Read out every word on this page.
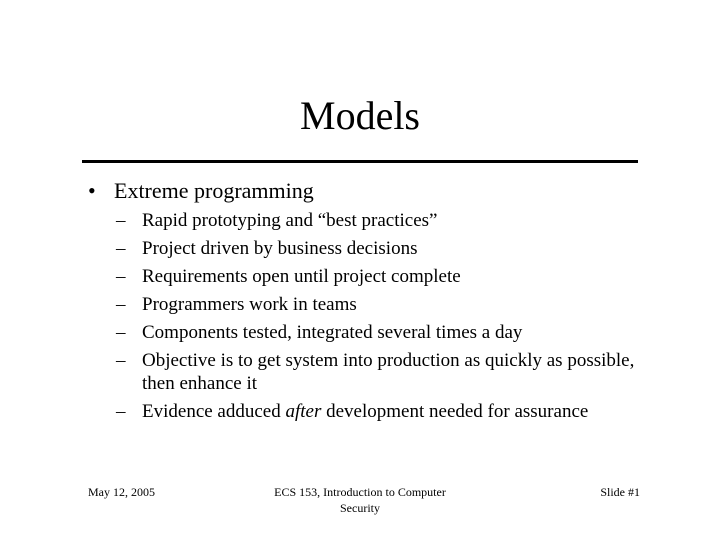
Models
• Extreme programming
– Rapid prototyping and “best practices”
– Project driven by business decisions
– Requirements open until project complete
– Programmers work in teams
– Components tested, integrated several times a day
– Objective is to get system into production as quickly as possible, then enhance it
– Evidence adduced after development needed for assurance
May 12, 2005	ECS 153, Introduction to Computer Security
Slide #1
